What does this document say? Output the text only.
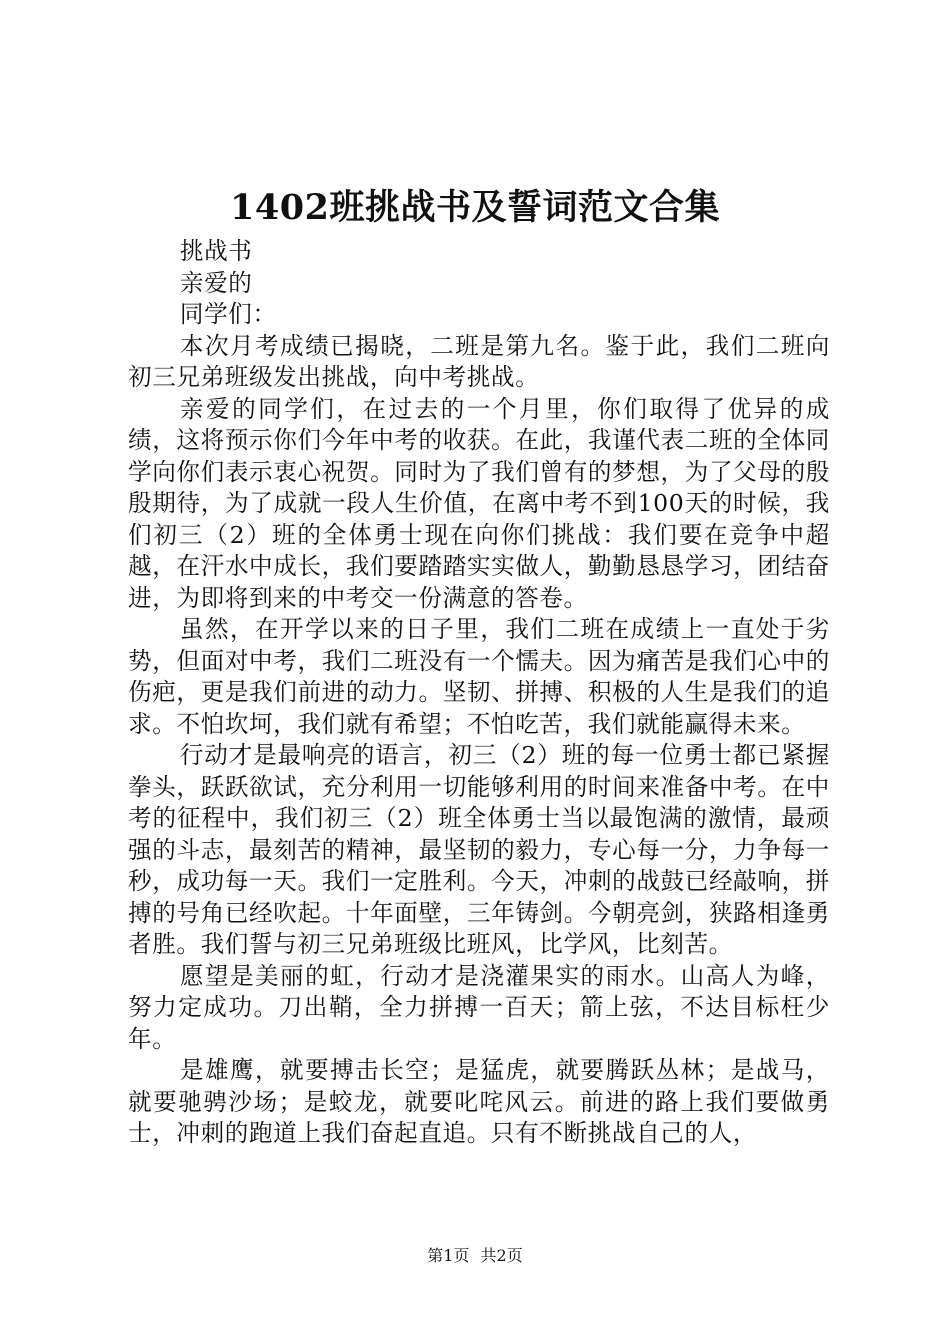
1402班挑战书及誓词范文合集

挑战书

亲爱的

同学们：

本次月考成绩已揭晓，二班是第九名。鉴于此，我们二班向初三兄弟班级发出挑战，向中考挑战。

亲爱的同学们，在过去的一个月里，你们取得了优异的成绩，这将预示你们今年中考的收获。在此，我谨代表二班的全体同学向你们表示衷心祝贺。同时为了我们曾有的梦想，为了父母的殷殷期待，为了成就一段人生价值，在离中考不到100天的时候，我们初三（2）班的全体勇士现在向你们挑战：我们要在竞争中超越，在汗水中成长，我们要踏踏实实做人，勤勤恳恳学习，团结奋进，为即将到来的中考交一份满意的答卷。

虽然，在开学以来的日子里，我们二班在成绩上一直处于劣势，但面对中考，我们二班没有一个懦夫。因为痛苦是我们心中的伤疤，更是我们前进的动力。坚韧、拼搏、积极的人生是我们的追求。不怕坎坷，我们就有希望；不怕吃苦，我们就能赢得未来。

行动才是最响亮的语言，初三（2）班的每一位勇士都已紧握拳头，跃跃欲试，充分利用一切能够利用的时间来准备中考。在中考的征程中，我们初三（2）班全体勇士当以最饱满的激情，最顽强的斗志，最刻苦的精神，最坚韧的毅力，专心每一分，力争每一秒，成功每一天。我们一定胜利。今天，冲刺的战鼓已经敲响，拼搏的号角已经吹起。十年面壁，三年铸剑。今朝亮剑，狭路相逢勇者胜。我们誓与初三兄弟班级比班风，比学风，比刻苦。

愿望是美丽的虹，行动才是浇灌果实的雨水。山高人为峰，努力定成功。刀出鞘，全力拼搏一百天；箭上弦，不达目标枉少年。

是雄鹰，就要搏击长空；是猛虎，就要腾跃丛林；是战马，就要驰骋沙场；是蛟龙，就要叱咤风云。前进的路上我们要做勇士，冲刺的跑道上我们奋起直追。只有不断挑战自己的人，

第1页 共2页
